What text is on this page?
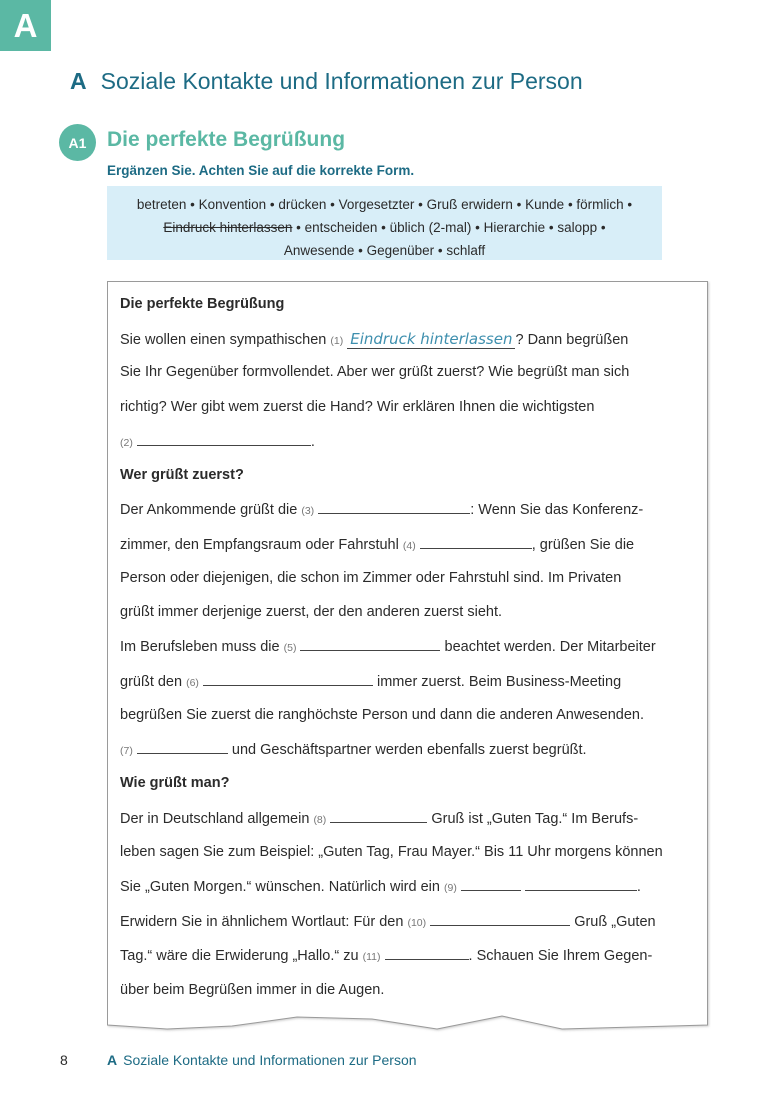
A
A Soziale Kontakte und Informationen zur Person
A1 Die perfekte Begrüßung
Ergänzen Sie. Achten Sie auf die korrekte Form.
betreten • Konvention • drücken • Vorgesetzter • Gruß erwidern • Kunde • förmlich •
Eindruck hinterlassen • entscheiden • üblich (2-mal) • Hierarchie • salopp •
Anwesende • Gegenüber • schlaff
Die perfekte Begrüßung
Sie wollen einen sympathischen (1) Eindruck hinterlassen ? Dann begrüßen
Sie Ihr Gegenüber formvollendet. Aber wer grüßt zuerst? Wie begrüßt man sich
richtig? Wer gibt wem zuerst die Hand? Wir erklären Ihnen die wichtigsten
(2)	.
Wer grüßt zuerst?
Der Ankommende grüßt die (3)	: Wenn Sie das Konferenz-
zimmer, den Empfangsraum oder Fahrstuhl (4)	, grüßen Sie die
Person oder diejenigen, die schon im Zimmer oder Fahrstuhl sind. Im Privaten
grüßt immer derjenige zuerst, der den anderen zuerst sieht.
Im Berufsleben muss die (5)	beachtet werden. Der Mitarbeiter
grüßt den (6)	immer zuerst. Beim Business-Meeting
begrüßen Sie zuerst die ranghöchste Person und dann die anderen Anwesenden.
(7)	und Geschäftspartner werden ebenfalls zuerst begrüßt.
Wie grüßt man?
Der in Deutschland allgemein (8)	Gruß ist „Guten Tag.“ Im Berufs-
leben sagen Sie zum Beispiel: „Guten Tag, Frau Mayer.“ Bis 11 Uhr morgens können
Sie „Guten Morgen.“ wünschen. Natürlich wird ein (9)	.
Erwidern Sie in ähnlichem Wortlaut: Für den (10)	Gruß „Guten
Tag.“ wäre die Erwiderung „Hallo.“ zu (11)	. Schauen Sie Ihrem Gegen-
über beim Begrüßen immer in die Augen.
8	A Soziale Kontakte und Informationen zur Person
